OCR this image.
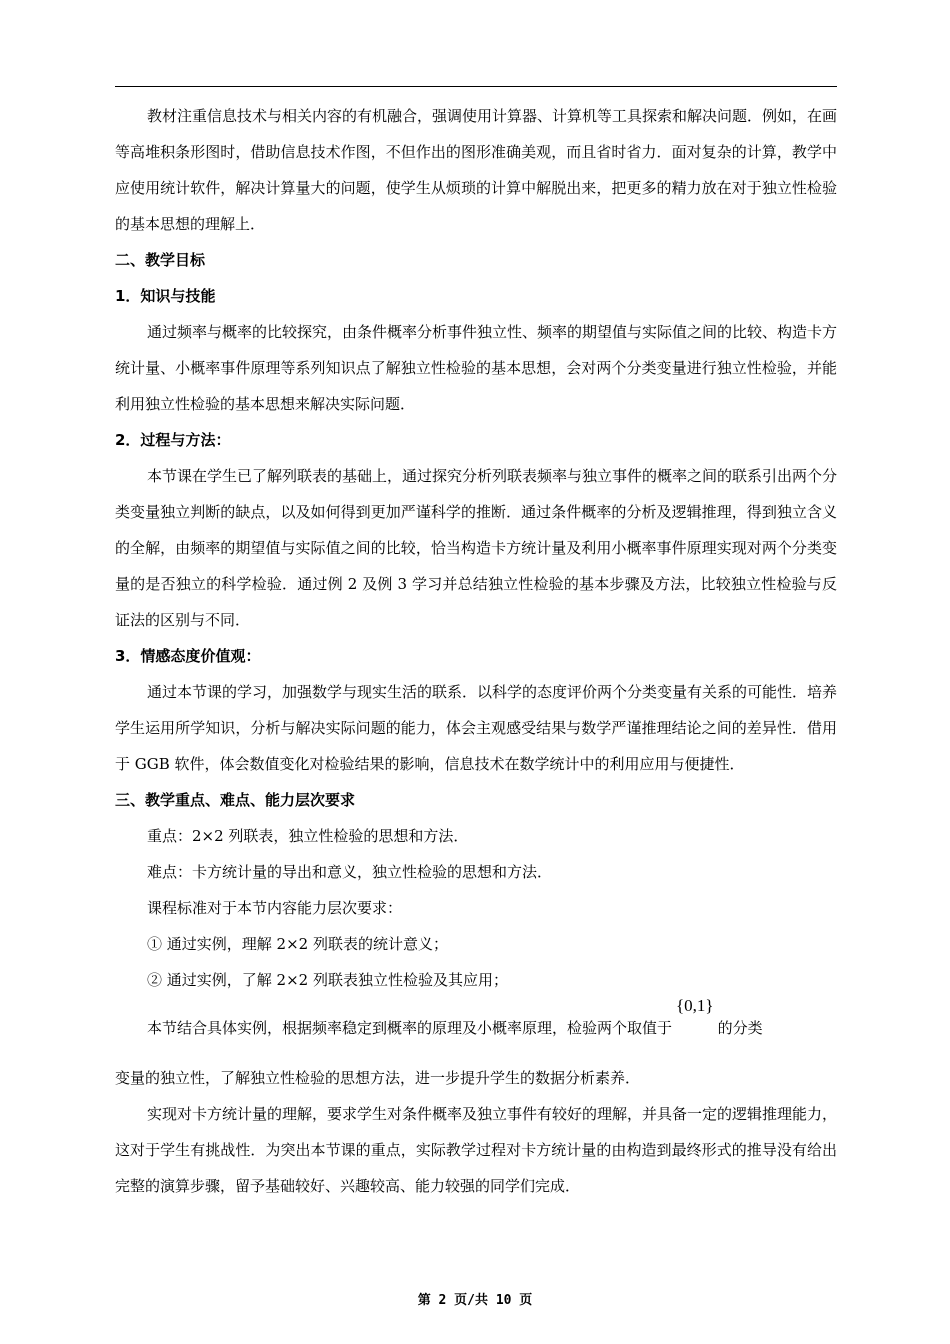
教材注重信息技术与相关内容的有机融合，强调使用计算器、计算机等工具探索和解决问题．例如，在画等高堆积条形图时，借助信息技术作图，不但作出的图形准确美观，而且省时省力．面对复杂的计算，教学中应使用统计软件，解决计算量大的问题，使学生从烦琐的计算中解脱出来，把更多的精力放在对于独立性检验的基本思想的理解上．

二、教学目标

1．知识与技能

通过频率与概率的比较探究，由条件概率分析事件独立性、频率的期望值与实际值之间的比较、构造卡方统计量、小概率事件原理等系列知识点了解独立性检验的基本思想，会对两个分类变量进行独立性检验，并能利用独立性检验的基本思想来解决实际问题．

2．过程与方法：

本节课在学生已了解列联表的基础上，通过探究分析列联表频率与独立事件的概率之间的联系引出两个分类变量独立判断的缺点，以及如何得到更加严谨科学的推断．通过条件概率的分析及逻辑推理，得到独立含义的全解，由频率的期望值与实际值之间的比较，恰当构造卡方统计量及利用小概率事件原理实现对两个分类变量的是否独立的科学检验．通过例 2 及例 3 学习并总结独立性检验的基本步骤及方法，比较独立性检验与反证法的区别与不同．

3．情感态度价值观：

通过本节课的学习，加强数学与现实生活的联系．以科学的态度评价两个分类变量有关系的可能性．培养学生运用所学知识，分析与解决实际问题的能力，体会主观感受结果与数学严谨推理结论之间的差异性．借用于 GGB 软件，体会数值变化对检验结果的影响，信息技术在数学统计中的利用应用与便捷性．

三、教学重点、难点、能力层次要求

重点：2×2 列联表，独立性检验的思想和方法．

难点：卡方统计量的导出和意义，独立性检验的思想和方法．

课程标准对于本节内容能力层次要求：

① 通过实例，理解 2×2 列联表的统计意义；

② 通过实例，了解 2×2 列联表独立性检验及其应用；

本节结合具体实例，根据频率稳定到概率的原理及小概率原理，检验两个取值于{0,1}的分类

变量的独立性，了解独立性检验的思想方法，进一步提升学生的数据分析素养．

实现对卡方统计量的理解，要求学生对条件概率及独立事件有较好的理解，并具备一定的逻辑推理能力，这对于学生有挑战性．为突出本节课的重点，实际教学过程对卡方统计量的由构造到最终形式的推导没有给出完整的演算步骤，留予基础较好、兴趣较高、能力较强的同学们完成．

第 2 页/共 10 页
